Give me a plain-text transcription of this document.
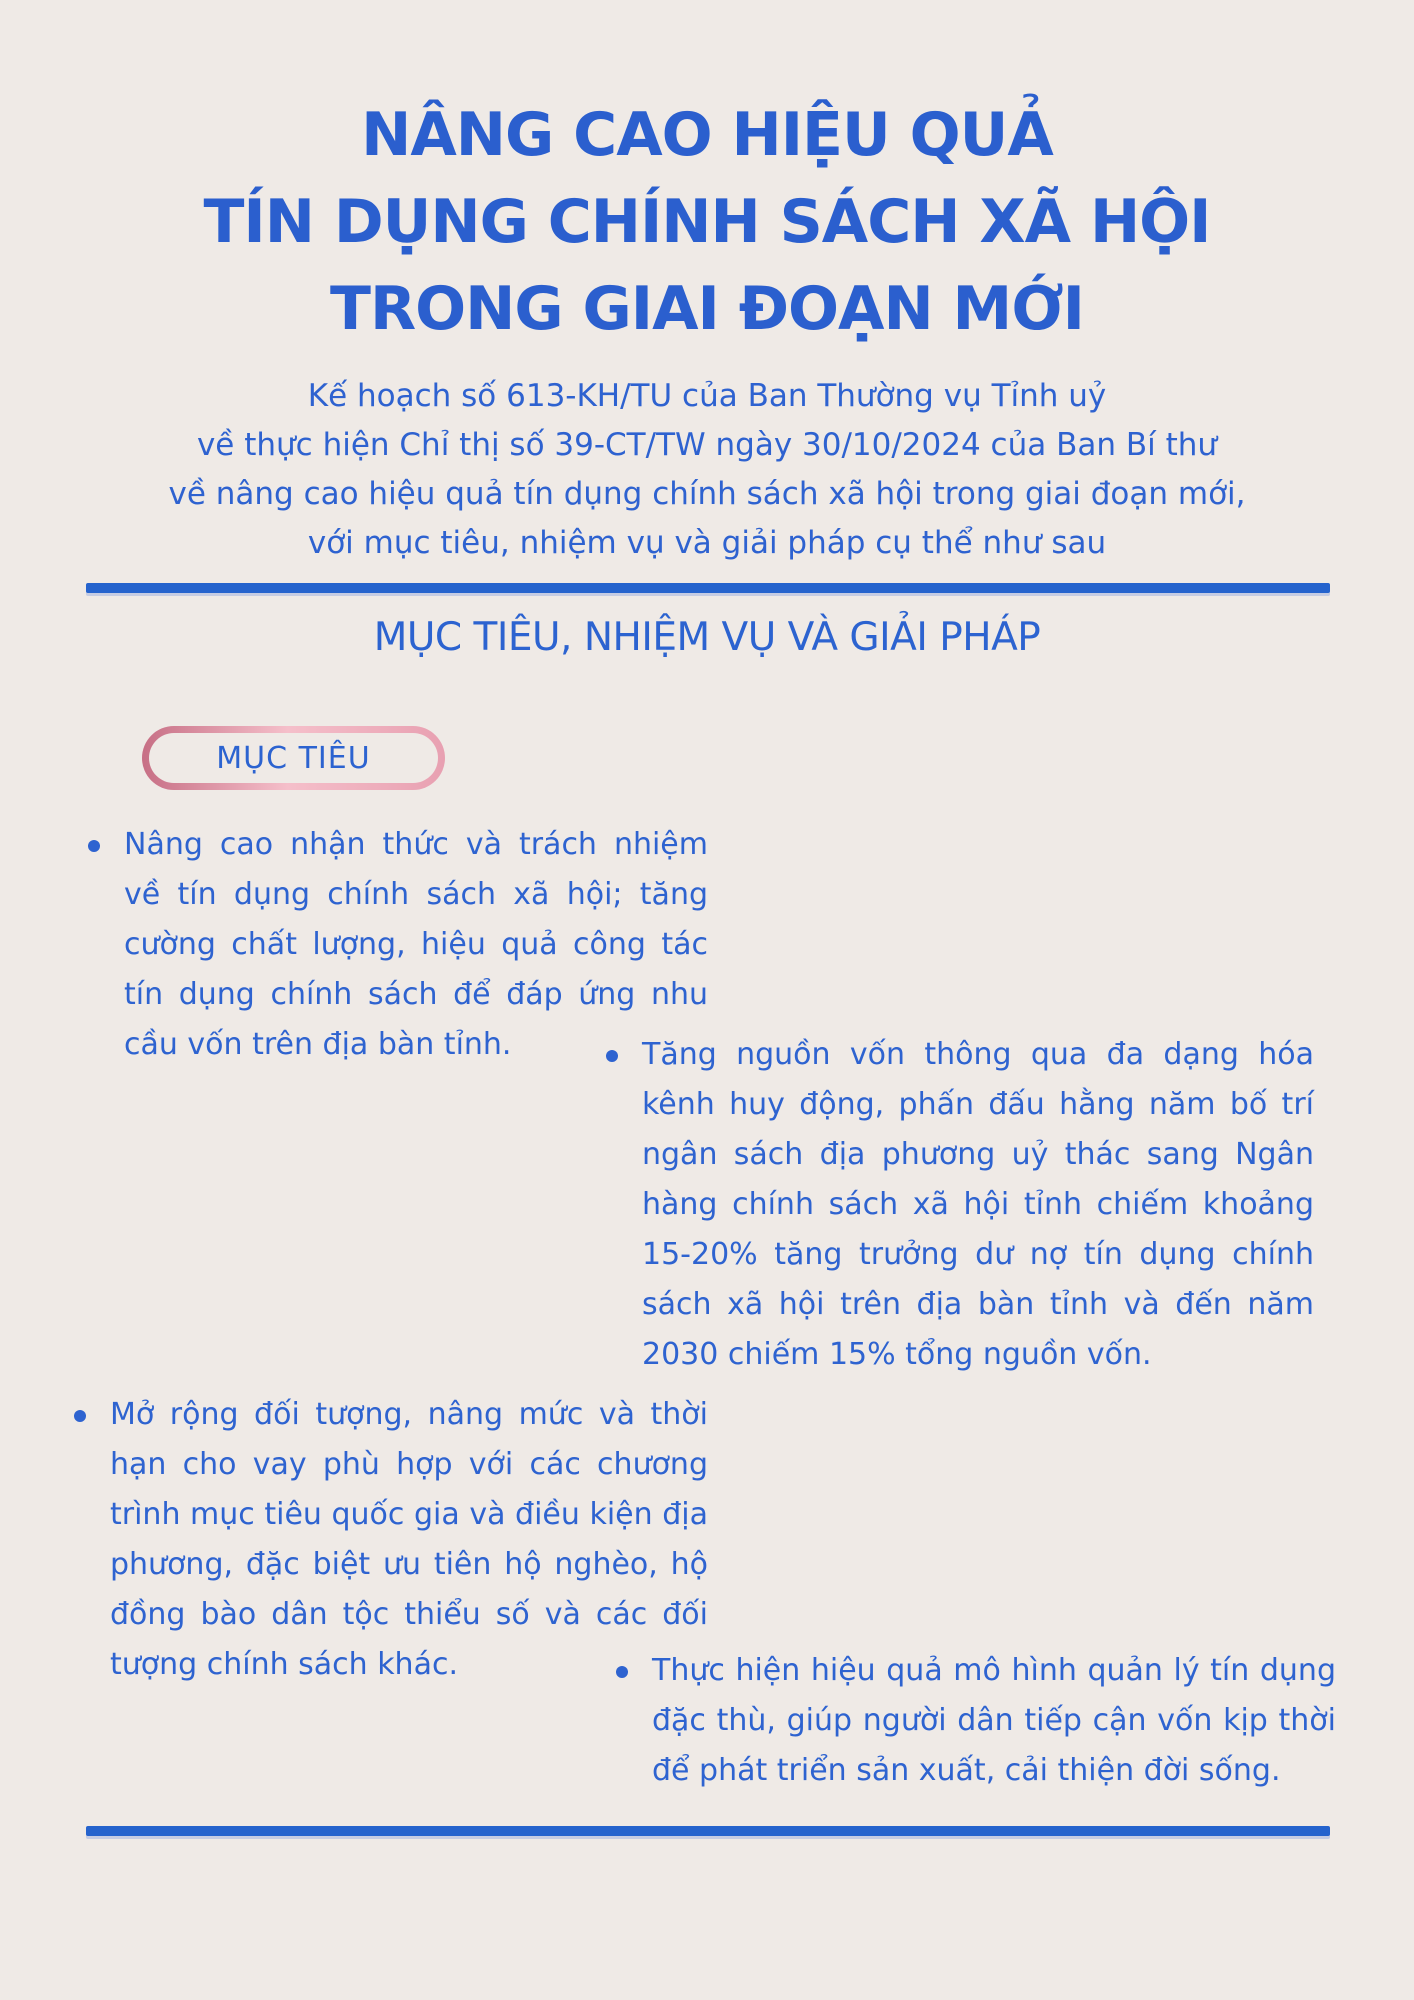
NÂNG CAO HIỆU QUẢ
TÍN DỤNG CHÍNH SÁCH XÃ HỘI
TRONG GIAI ĐOẠN MỚI
Kế hoạch số 613-KH/TU của Ban Thường vụ Tỉnh uỷ
về thực hiện Chỉ thị số 39-CT/TW ngày 30/10/2024 của Ban Bí thư
về nâng cao hiệu quả tín dụng chính sách xã hội trong giai đoạn mới,
với mục tiêu, nhiệm vụ và giải pháp cụ thể như sau
MỤC TIÊU, NHIỆM VỤ VÀ GIẢI PHÁP
MỤC TIÊU

Nâng cao nhận thức và trách nhiệm về tín dụng chính sách xã hội; tăng cường chất lượng, hiệu quả công tác tín dụng chính sách để đáp ứng nhu cầu vốn trên địa bàn tỉnh.	Tăng nguồn vốn thông qua đa dạng hóa kênh huy động, phấn đấu hằng năm bố trí ngân sách địa phương uỷ thác sang Ngân hàng chính sách xã hội tỉnh chiếm khoảng 15-20% tăng trưởng dư nợ tín dụng chính sách xã hội trên địa bàn tỉnh và đến năm 2030 chiếm 15% tổng nguồn vốn.

Mở rộng đối tượng, nâng mức và thời hạn cho vay phù hợp với các chương trình mục tiêu quốc gia và điều kiện địa phương, đặc biệt ưu tiên hộ nghèo, hộ đồng bào dân tộc thiểu số và các đối tượng chính sách khác.	Thực hiện hiệu quả mô hình quản lý tín dụng đặc thù, giúp người dân tiếp cận vốn kịp thời để phát triển sản xuất, cải thiện đời sống.
